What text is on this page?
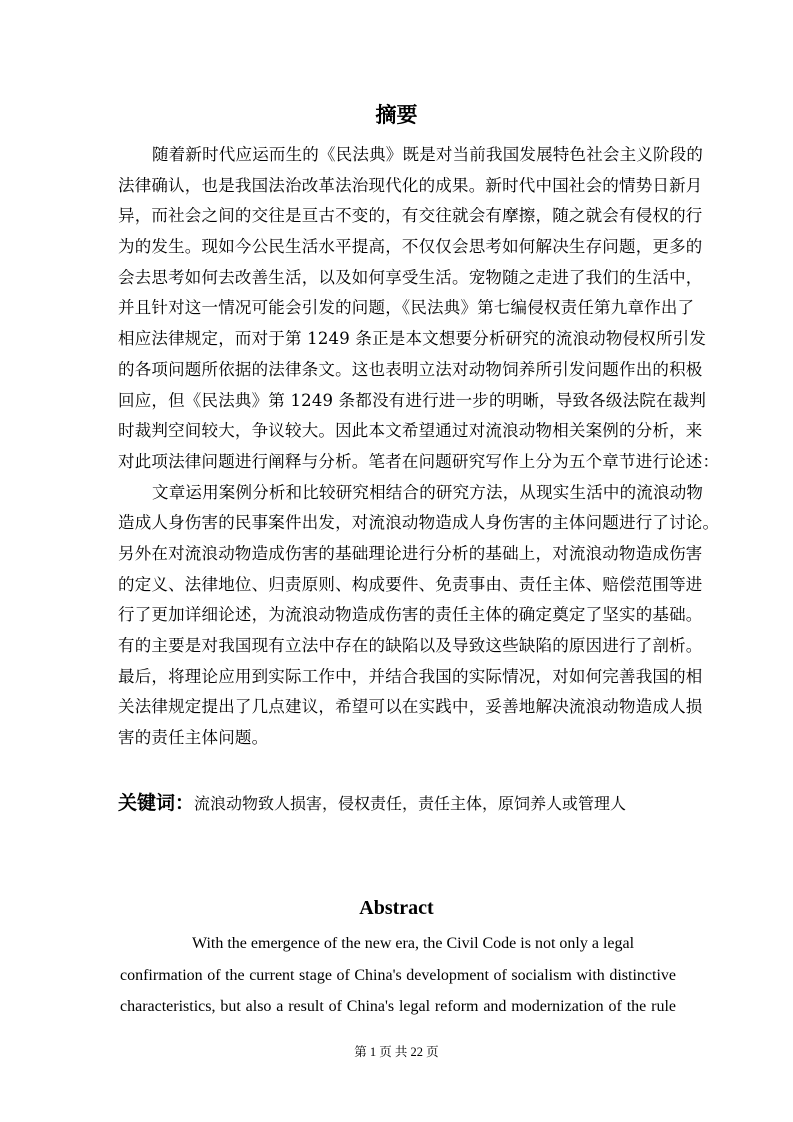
摘要
随着新时代应运而生的《民法典》既是对当前我国发展特色社会主义阶段的
法律确认，也是我国法治改革法治现代化的成果。新时代中国社会的情势日新月
异，而社会之间的交往是亘古不变的，有交往就会有摩擦，随之就会有侵权的行
为的发生。现如今公民生活水平提高，不仅仅会思考如何解决生存问题，更多的
会去思考如何去改善生活，以及如何享受生活。宠物随之走进了我们的生活中，
并且针对这一情况可能会引发的问题，《民法典》第七编侵权责任第九章作出了
相应法律规定，而对于第 1249 条正是本文想要分析研究的流浪动物侵权所引发
的各项问题所依据的法律条文。这也表明立法对动物饲养所引发问题作出的积极
回应，但《民法典》第 1249 条都没有进行进一步的明晰，导致各级法院在裁判
时裁判空间较大，争议较大。因此本文希望通过对流浪动物相关案例的分析，来
对此项法律问题进行阐释与分析。笔者在问题研究写作上分为五个章节进行论述：
文章运用案例分析和比较研究相结合的研究方法，从现实生活中的流浪动物
造成人身伤害的民事案件出发，对流浪动物造成人身伤害的主体问题进行了讨论。
另外在对流浪动物造成伤害的基础理论进行分析的基础上，对流浪动物造成伤害
的定义、法律地位、归责原则、构成要件、免责事由、责任主体、赔偿范围等进
行了更加详细论述，为流浪动物造成伤害的责任主体的确定奠定了坚实的基础。
有的主要是对我国现有立法中存在的缺陷以及导致这些缺陷的原因进行了剖析。
最后，将理论应用到实际工作中，并结合我国的实际情况，对如何完善我国的相
关法律规定提出了几点建议，希望可以在实践中，妥善地解决流浪动物造成人损
害的责任主体问题。
关键词：流浪动物致人损害，侵权责任，责任主体，原饲养人或管理人
Abstract
With the emergence of the new era, the Civil Code is not only a legal
confirmation of the current stage of China's development of socialism with distinctive
characteristics, but also a result of China's legal reform and modernization of the rule
第 1 页 共 22 页
